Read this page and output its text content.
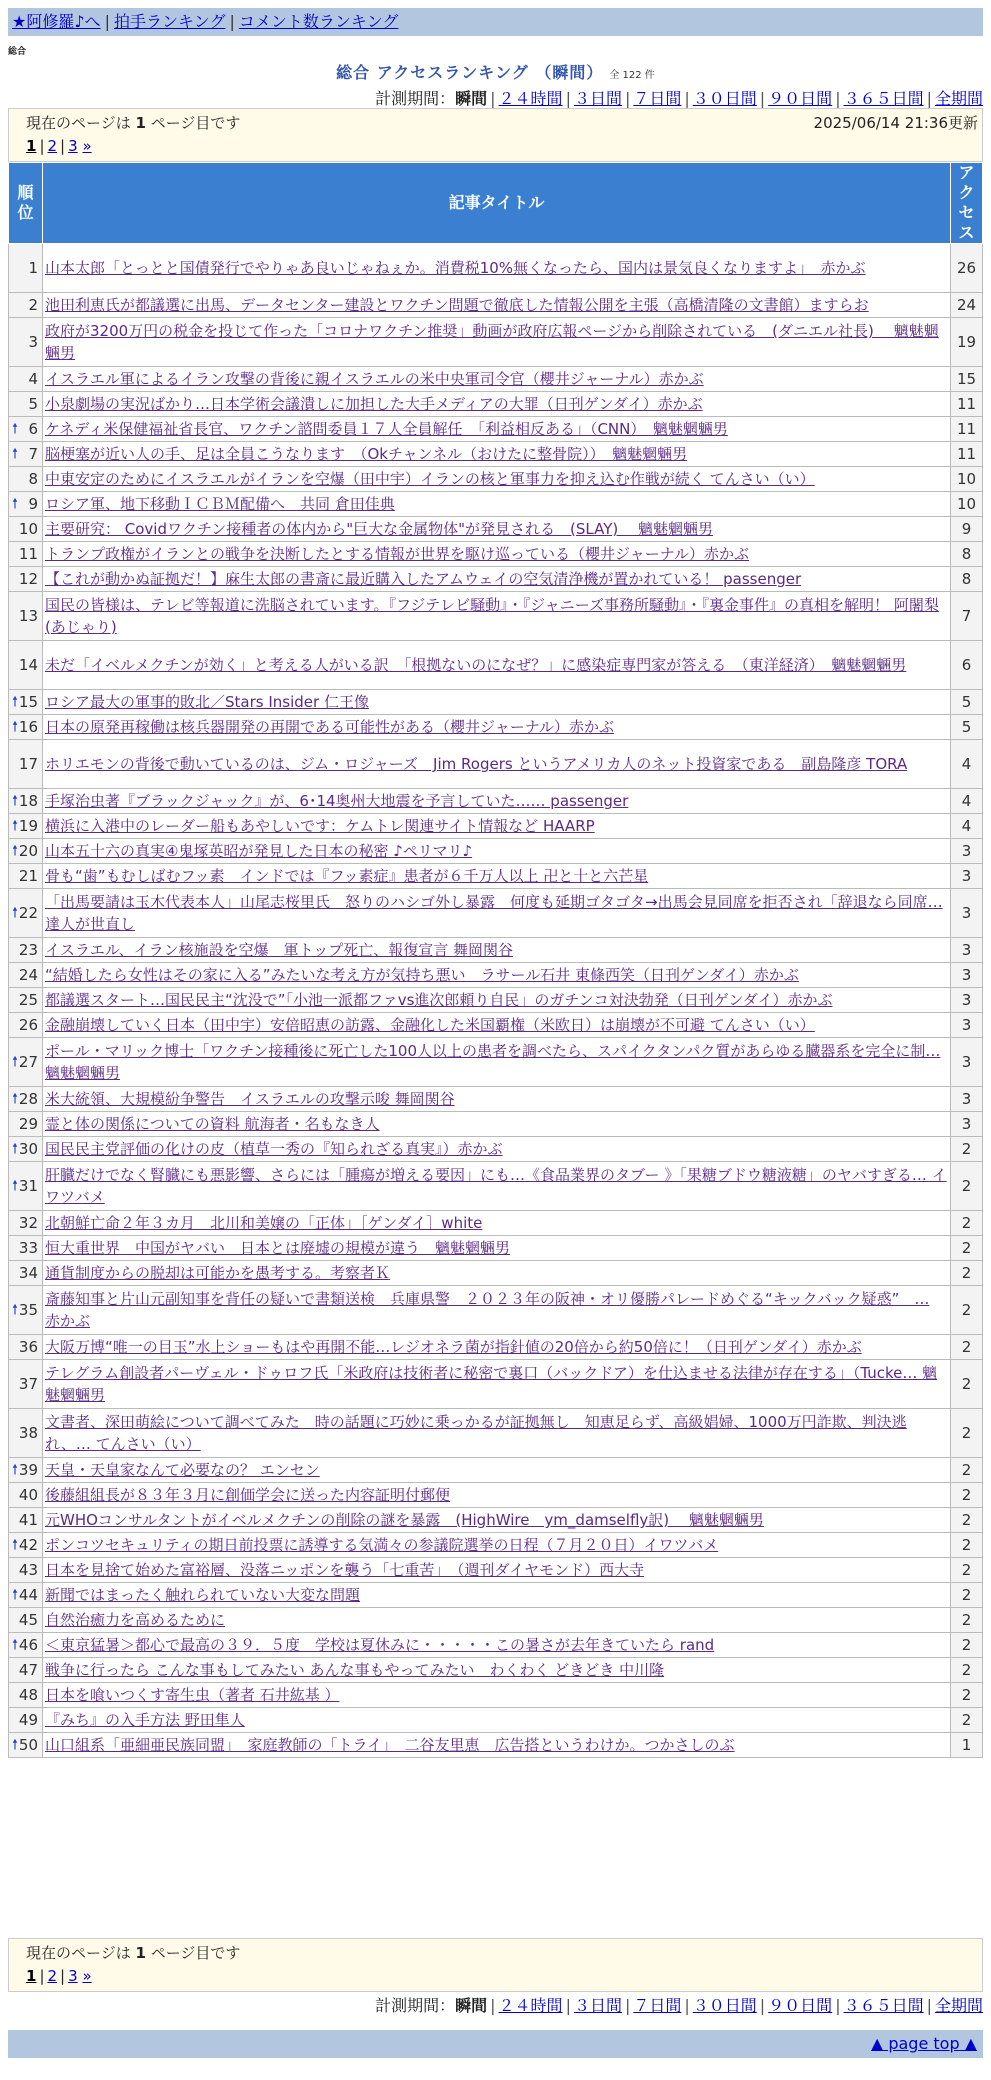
★阿修羅♪へ | 拍手ランキング | コメント数ランキング
総合
総合 アクセスランキング （瞬間） 全 122 件
計測期間：瞬間 | ２４時間 | ３日間 | ７日間 | ３０日間 | ９０日間 | ３６５日間 | 全期間
現在のページは 1 ページ目です	2025/06/14 21:36更新
1 | 2 | 3 »
順位	記事タイトル	アクセス
1	山本太郎「とっとと国債発行でやりゃあ良いじゃねぇか。消費税10%無くなったら、国内は景気良くなりますよ」　赤かぶ	26
2	池田利恵氏が都議選に出馬、データセンター建設とワクチン問題で徹底した情報公開を主張（高橋清隆の文書館）ますらお	24
3	政府が3200万円の税金を投じて作った「コロナワクチン推奨」動画が政府広報ページから削除されている　(ダニエル社長)　 魑魅魍魎男	19
4	イスラエル軍によるイラン攻撃の背後に親イスラエルの米中央軍司令官（櫻井ジャーナル）赤かぶ	15
5	小泉劇場の実況ばかり…日本学術会議潰しに加担した大手メディアの大罪（日刊ゲンダイ）赤かぶ	11

🠕 6	ケネディ米保健福祉省長官、ワクチン諮問委員１７人全員解任　「利益相反ある」（CNN）　魑魅魍魎男	11

🠕 7	脳梗塞が近い人の手、足は全員こうなります　（Okチャンネル（おけたに整骨院））　魑魅魍魎男	11
8	中東安定のためにイスラエルがイランを空爆（田中宇）イランの核と軍事力を抑え込む作戦が続く てんさい（い）	10

🠕 9	ロシア軍、地下移動ＩＣＢＭ配備へ　共同 倉田佳典	10
10	主要研究： Covidワクチン接種者の体内から"巨大な金属物体"が発見される　(SLAY)　 魑魅魍魎男	9
11	トランプ政権がイランとの戦争を決断したとする情報が世界を駆け巡っている（櫻井ジャーナル）赤かぶ	8
12	【これが動かぬ証拠だ！】麻生太郎の書斎に最近購入したアムウェイの空気清浄機が置かれている！ passenger	8
13	国民の皆様は、テレビ等報道に洗脳されています。『フジテレビ騒動』・『ジャニーズ事務所騒動』・『裏金事件』の真相を解明！ 阿闍梨(あじゃり)	7
14	未だ「イベルメクチンが効く」と考える人がいる訳　「根拠ないのになぜ？」に感染症専門家が答える　（東洋経済）　魑魅魍魎男	6

🠕 15	ロシア最大の軍事的敗北／Stars Insider 仁王像	5

🠕 16	日本の原発再稼働は核兵器開発の再開である可能性がある（櫻井ジャーナル）赤かぶ	5
17	ホリエモンの背後で動いているのは、ジム・ロジャーズ　Jim Rogers というアメリカ人のネット投資家である　副島隆彦 TORA	4

🠕 18	手塚治虫著『ブラックジャック』が、6･14奥州大地震を予言していた…… passenger	4

🠕 19	横浜に入港中のレーダー船もあやしいです：ケムトレ関連サイト情報など HAARP	4

🠕 20	山本五十六の真実④鬼塚英昭が発見した日本の秘密 ♪ペリマリ♪	3
21	骨も“歯”もむしばむフッ素　インドでは『フッ素症』患者が６千万人以上 卍と十と六芒星	3

🠕 22	「出馬要請は玉木代表本人」山尾志桜里氏　怒りのハシゴ外し暴露　何度も延期ゴタゴタ→出馬会見同席を拒否され「辞退なら同席… 達人が世直し	3
23	イスラエル、イラン核施設を空爆　軍トップ死亡、報復宣言 舞岡関谷	3
24	“結婚したら女性はその家に入る”みたいな考え方が気持ち悪い　ラサール石井 東條西笑（日刊ゲンダイ）赤かぶ	3
25	都議選スタート…国民民主“沈没で”「小池一派都ファvs進次郎頼り自民」のガチンコ対決勃発（日刊ゲンダイ）赤かぶ	3
26	金融崩壊していく日本（田中宇）安倍昭恵の訪露、金融化した米国覇権（米欧日）は崩壊が不可避 てんさい（い）	3

🠕 27	ポール・マリック博士「ワクチン接種後に死亡した100人以上の患者を調べたら、スパイクタンパク質があらゆる臓器系を完全に制… 魑魅魍魎男	3

🠕 28	米大統領、大規模紛争警告　イスラエルの攻撃示唆 舞岡関谷	3
29	霊と体の関係についての資料 航海者・名もなき人	3

🠕 30	国民民主党評価の化けの皮（植草一秀の『知られざる真実』）赤かぶ	2

🠕 31	肝臓だけでなく腎臓にも悪影響、さらには「腫瘍が増える要因」にも…《食品業界のタブー 》「果糖ブドウ糖液糖」のヤバすぎる… イワツバメ	2
32	北朝鮮亡命２年３カ月　北川和美嬢の「正体」［ゲンダイ］white	2
33	恒大重世界　中国がヤバい　日本とは廃墟の規模が違う　魑魅魍魎男	2
34	通貨制度からの脱却は可能かを愚考する。考察者Ｋ	2

🠕 35	斎藤知事と片山元副知事を背任の疑いで書類送検　兵庫県警　２０２３年の阪神・オリ優勝パレードめぐる“キックバック疑惑”　… 赤かぶ	2
36	大阪万博“唯一の目玉”水上ショーもはや再開不能…レジオネラ菌が指針値の20倍から約50倍に！（日刊ゲンダイ）赤かぶ	2
37	テレグラム創設者パーヴェル・ドゥロフ氏「米政府は技術者に秘密で裏口（バックドア）を仕込ませる法律が存在する」（Tucke… 魑魅魍魎男	2
38	文書者、深田萌絵について調べてみた　時の話題に巧妙に乗っかるが証拠無し　知恵足らず、高級娼婦、1000万円詐欺、判決逃れ、… てんさい（い）	2

🠕 39	天皇・天皇家なんて必要なの？ エンセン	2
40	後藤組組長が８３年３月に創価学会に送った内容証明付郵便	2
41	元WHOコンサルタントがイベルメクチンの削除の謎を暴露　(HighWire　ym_damselfly訳)　 魑魅魍魎男	2

🠕 42	ポンコツセキュリティの期日前投票に誘導する気満々の参議院選挙の日程（７月２０日）イワツバメ	2
43	日本を見捨て始めた富裕層、没落ニッポンを襲う「七重苦」　（週刊ダイヤモンド）西大寺	2

🠕 44	新聞ではまったく触れられていない大変な問題	2
45	自然治癒力を高めるために	2

🠕 46	＜東京猛暑＞都心で最高の３９．５度　学校は夏休みに・・・・・この暑さが去年きていたら rand	2
47	戦争に行ったら こんな事もしてみたい あんな事もやってみたい　わくわく どきどき 中川隆	2
48	日本を喰いつくす寄生虫（著者 石井紘基 ）	2
49	『みち』の入手方法 野田隼人	2

🠕 50	山口組系「亜細亜民族同盟」　家庭教師の「トライ」　二谷友里恵　広告搭というわけか。つかさしのぶ	1
計測期間：瞬間 | ２４時間 | ３日間 | ７日間 | ３０日間 | ９０日間 | ３６５日間 | 全期間
現在のページは 1 ページ目です
1 | 2 | 3 »
▲ page top ▲
